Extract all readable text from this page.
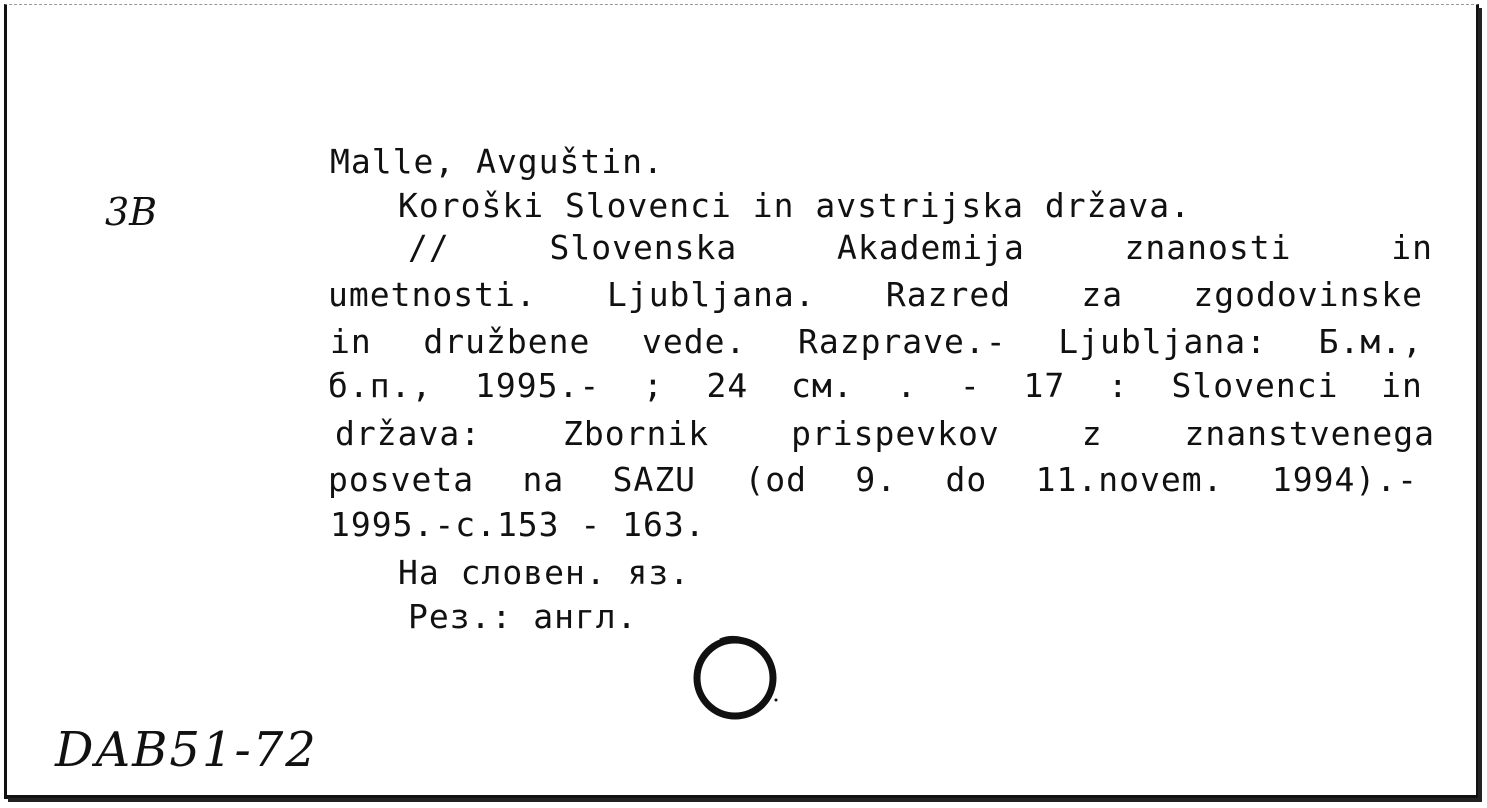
3B
Malle, Avguštin.
Koroški Slovenci in avstrijska država.
//	Slovenska	Akademija	znanosti	in
umetnosti. Ljubljana. Razred za zgodovinske
in družbene vede. Razprave.- Ljubljana: Б.м.,
б.п., 1995.- ; 24 см. . - 17 : Slovenci in
država: Zbornik prispevkov z znanstvenega
posveta na SAZU (od 9. do 11.novem. 1994).-
1995.-c.153 - 163.
На словен. яз.
Рез.: англ.
DAB51-72
